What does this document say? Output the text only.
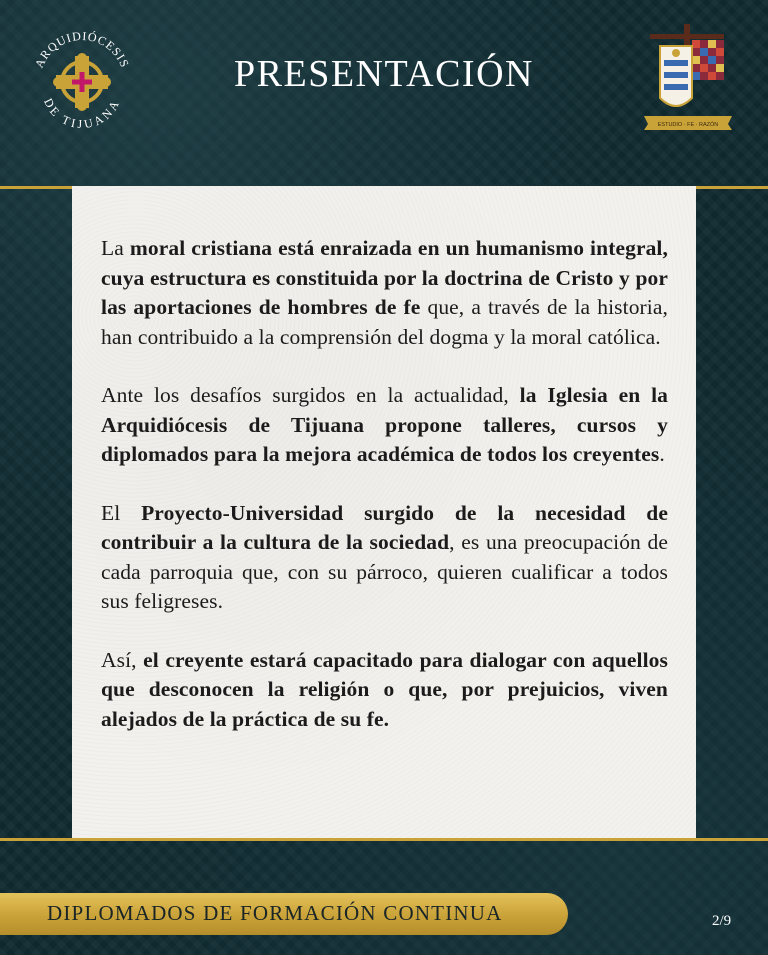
ARQUIDIÓCESIS
DE TIJUANA
PRESENTACIÓN
ESTUDIO · FE · RAZÓN

La moral cristiana está enraizada en un humanismo integral, cuya estructura es constituida por la doctrina de Cristo y por las aportaciones de hombres de fe que, a través de la historia, han contribuido a la comprensión del dogma y la moral católica.

Ante los desafíos surgidos en la actualidad, la Iglesia en la Arquidiócesis de Tijuana propone talleres, cursos y diplomados para la mejora académica de todos los creyentes.

El Proyecto-Universidad surgido de la necesidad de contribuir a la cultura de la sociedad, es una preocupación de cada parroquia que, con su párroco, quieren cualificar a todos sus feligreses.

Así, el creyente estará capacitado para dialogar con aquellos que desconocen la religión o que, por prejuicios, viven alejados de la práctica de su fe.

DIPLOMADOS DE FORMACIÓN CONTINUA	2/9
